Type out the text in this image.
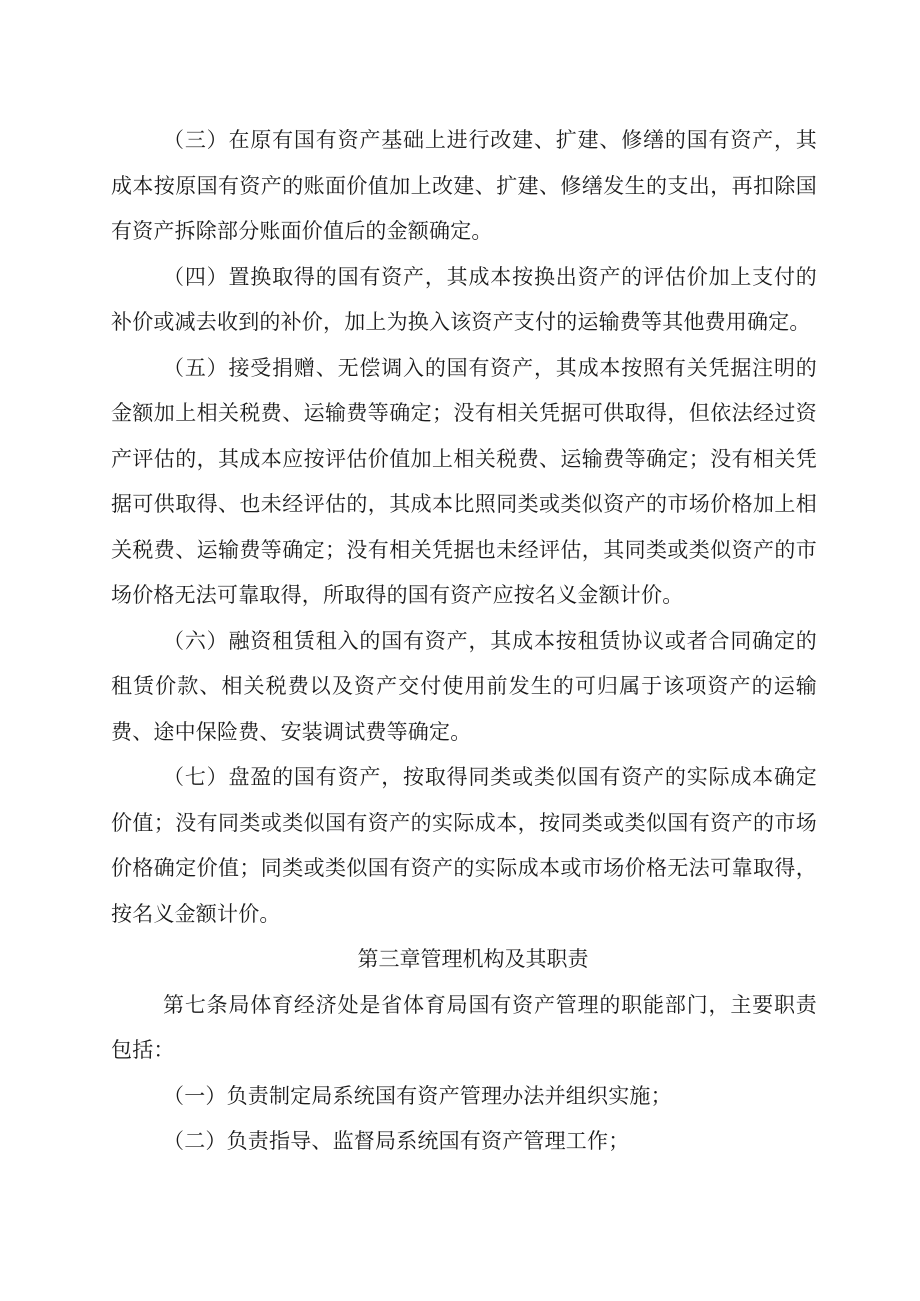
（三）在原有国有资产基础上进行改建、扩建、修缮的国有资产，其成本按原国有资产的账面价值加上改建、扩建、修缮发生的支出，再扣除国有资产拆除部分账面价值后的金额确定。

（四）置换取得的国有资产，其成本按换出资产的评估价加上支付的补价或减去收到的补价，加上为换入该资产支付的运输费等其他费用确定。

（五）接受捐赠、无偿调入的国有资产，其成本按照有关凭据注明的金额加上相关税费、运输费等确定；没有相关凭据可供取得，但依法经过资产评估的，其成本应按评估价值加上相关税费、运输费等确定；没有相关凭据可供取得、也未经评估的，其成本比照同类或类似资产的市场价格加上相关税费、运输费等确定；没有相关凭据也未经评估，其同类或类似资产的市场价格无法可靠取得，所取得的国有资产应按名义金额计价。

（六）融资租赁租入的国有资产，其成本按租赁协议或者合同确定的租赁价款、相关税费以及资产交付使用前发生的可归属于该项资产的运输费、途中保险费、安装调试费等确定。

（七）盘盈的国有资产，按取得同类或类似国有资产的实际成本确定价值；没有同类或类似国有资产的实际成本，按同类或类似国有资产的市场价格确定价值；同类或类似国有资产的实际成本或市场价格无法可靠取得，按名义金额计价。

第三章管理机构及其职责

第七条局体育经济处是省体育局国有资产管理的职能部门，主要职责包括：

（一）负责制定局系统国有资产管理办法并组织实施；

（二）负责指导、监督局系统国有资产管理工作；
